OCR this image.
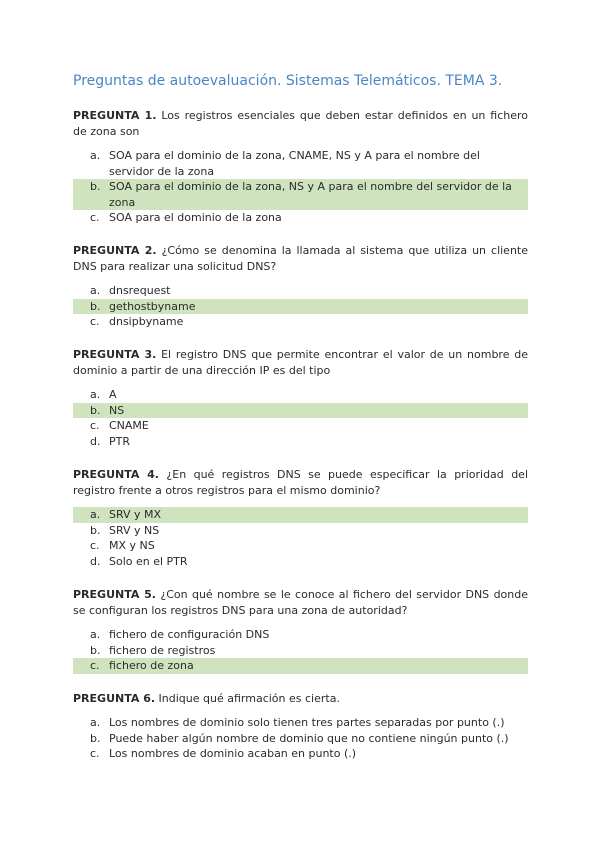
Preguntas de autoevaluación. Sistemas Telemáticos. TEMA 3.

PREGUNTA 1. Los registros esenciales que deben estar definidos en un fichero de zona son

a. SOA para el dominio de la zona, CNAME, NS y A para el nombre del servidor de la zona
b. SOA para el dominio de la zona, NS y A para el nombre del servidor de la zona
c. SOA para el dominio de la zona

PREGUNTA 2. ¿Cómo se denomina la llamada al sistema que utiliza un cliente DNS para realizar una solicitud DNS?

a. dnsrequest
b. gethostbyname
c. dnsipbyname

PREGUNTA 3. El registro DNS que permite encontrar el valor de un nombre de dominio a partir de una dirección IP es del tipo

a. A
b. NS
c. CNAME
d. PTR

PREGUNTA 4. ¿En qué registros DNS se puede especificar la prioridad del registro frente a otros registros para el mismo dominio?

a. SRV y MX
b. SRV y NS
c. MX y NS
d. Solo en el PTR

PREGUNTA 5. ¿Con qué nombre se le conoce al fichero del servidor DNS donde se configuran los registros DNS para una zona de autoridad?

a. fichero de configuración DNS
b. fichero de registros
c. fichero de zona

PREGUNTA 6. Indique qué afirmación es cierta.

a. Los nombres de dominio solo tienen tres partes separadas por punto (.)
b. Puede haber algún nombre de dominio que no contiene ningún punto (.)
c. Los nombres de dominio acaban en punto (.)
